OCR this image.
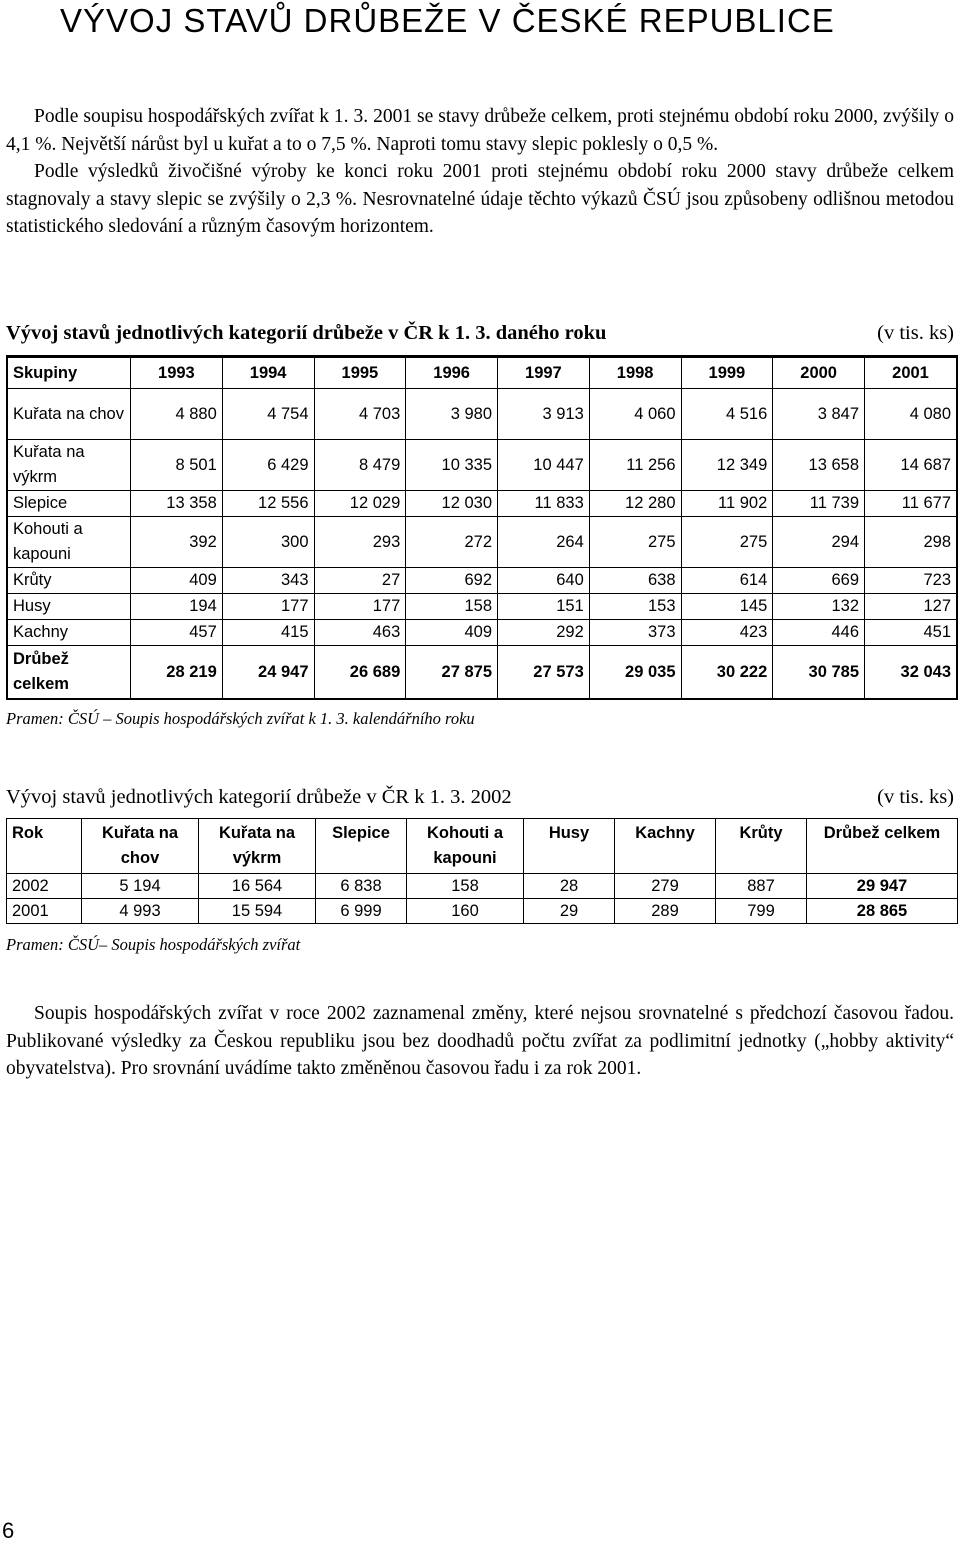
VÝVOJ STAVŮ DRŮBEŽE V ČESKÉ REPUBLICE

Podle soupisu hospodářských zvířat k 1. 3. 2001 se stavy drůbeže celkem, proti stejnému období roku 2000, zvýšily o 4,1 %. Největší nárůst byl u kuřat a to o 7,5 %. Naproti tomu stavy slepic poklesly o 0,5 %.

Podle výsledků živočišné výroby ke konci roku 2001 proti stejnému období roku 2000 stavy drůbeže celkem stagnovaly a stavy slepic se zvýšily o 2,3 %. Nesrovnatelné údaje těchto výkazů ČSÚ jsou způsobeny odlišnou metodou statistického sledování a různým časovým horizontem.

Vývoj stavů jednotlivých kategorií drůbeže v ČR k 1. 3. daného roku	(v tis. ks)
Skupiny	1993	1994	1995	1996	1997	1998	1999	2000	2001
Kuřata na chov	4 880	4 754	4 703	3 980	3 913	4 060	4 516	3 847	4 080
Kuřata na výkrm	8 501	6 429	8 479	10 335	10 447	11 256	12 349	13 658	14 687
Slepice	13 358	12 556	12 029	12 030	11 833	12 280	11 902	11 739	11 677
Kohouti a kapouni	392	300	293	272	264	275	275	294	298
Krůty	409	343	27	692	640	638	614	669	723
Husy	194	177	177	158	151	153	145	132	127
Kachny	457	415	463	409	292	373	423	446	451
Drůbež celkem	28 219	24 947	26 689	27 875	27 573	29 035	30 222	30 785	32 043
Pramen: ČSÚ – Soupis hospodářských zvířat k 1. 3. kalendářního roku
Vývoj stavů jednotlivých kategorií drůbeže v ČR k 1. 3. 2002	(v tis. ks)
Rok	Kuřata na chov	Kuřata na výkrm	Slepice	Kohouti a kapouni	Husy	Kachny	Krůty	Drůbež celkem
2002	5 194	16 564	6 838	158	28	279	887	29 947
2001	4 993	15 594	6 999	160	29	289	799	28 865
Pramen: ČSÚ– Soupis hospodářských zvířat

Soupis hospodářských zvířat v roce 2002 zaznamenal změny, které nejsou srovnatelné s předchozí časovou řadou. Publikované výsledky za Českou republiku jsou bez doodhadů počtu zvířat za podlimitní jednotky („hobby aktivity“ obyvatelstva). Pro srovnání uvádíme takto změněnou časovou řadu i za rok 2001.

6
